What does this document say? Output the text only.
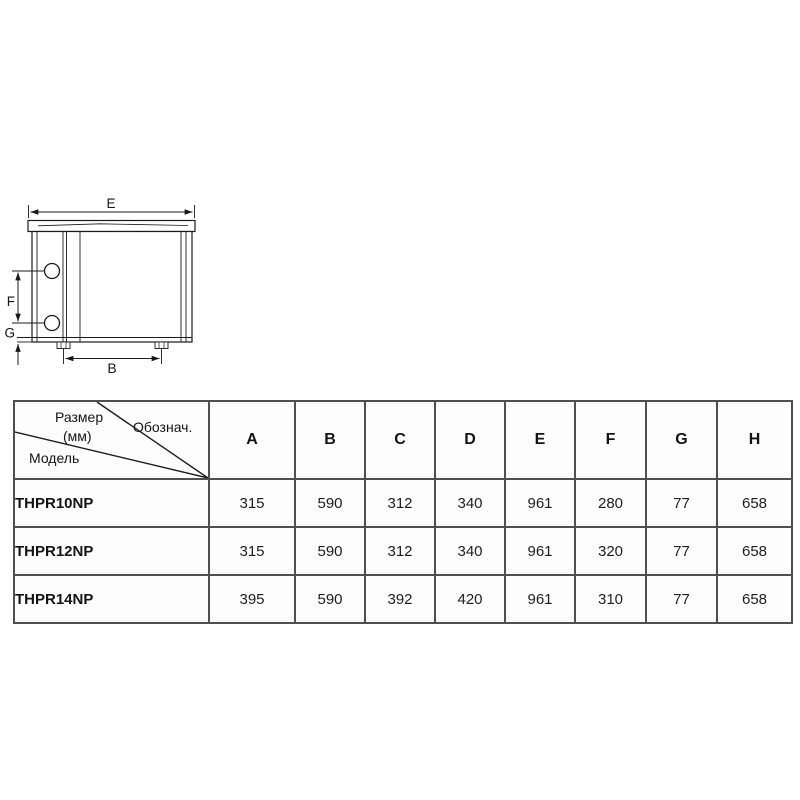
E
F
G
B
Размер
(мм)
Обознач.
Модель	A	B	C	D	E	F	G	H
THPR10NP	315	590	312	340	961	280	77	658
THPR12NP	315	590	312	340	961	320	77	658
THPR14NP	395	590	392	420	961	310	77	658
